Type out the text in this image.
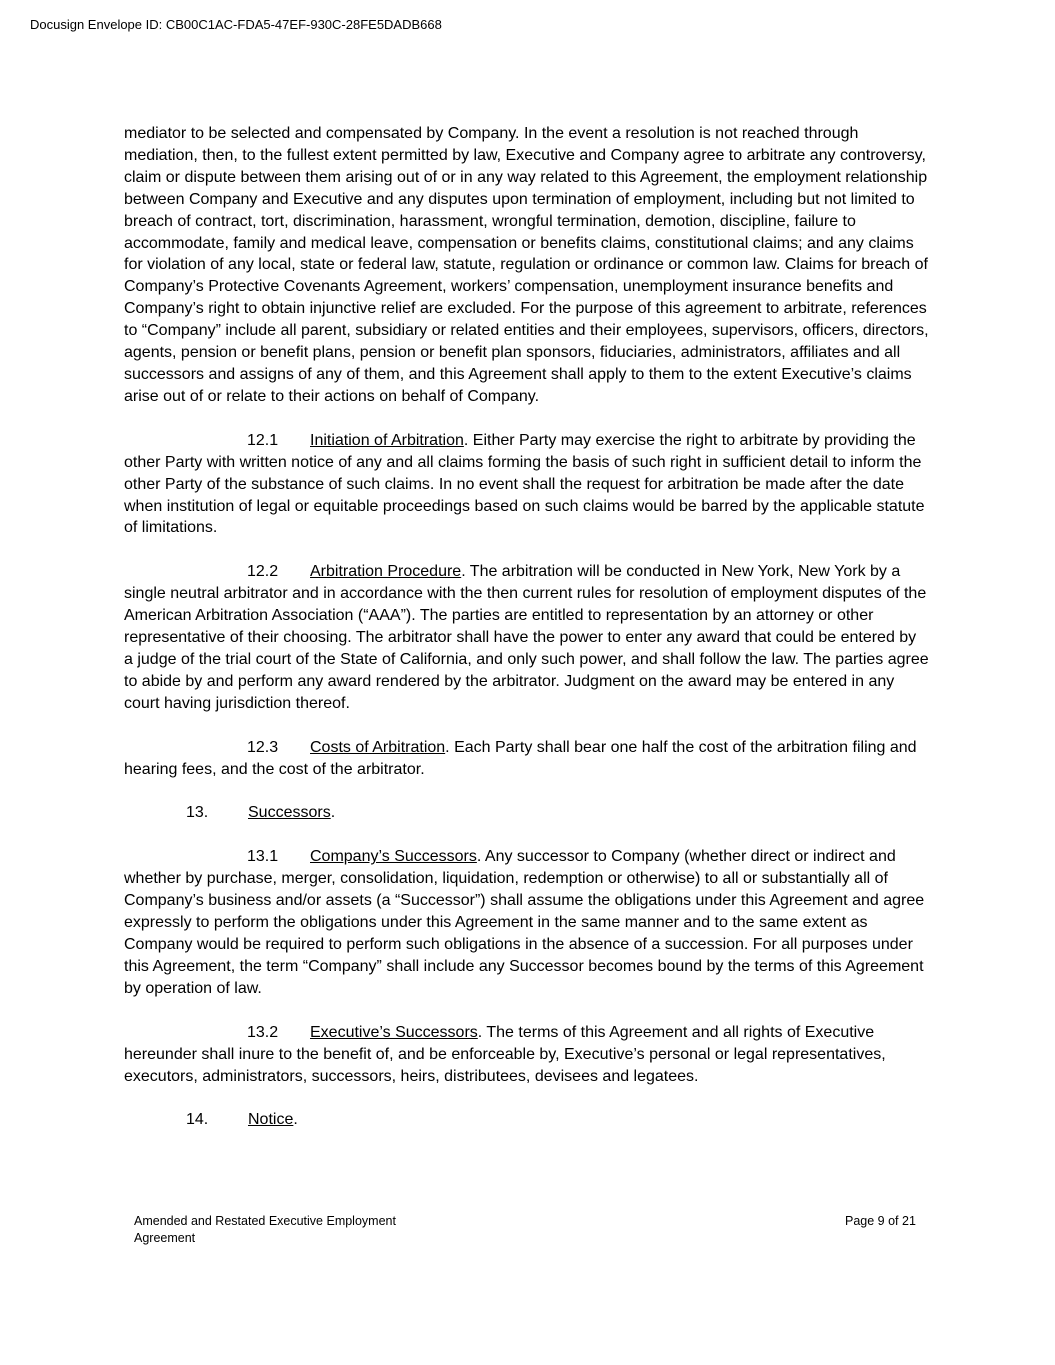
Docusign Envelope ID: CB00C1AC-FDA5-47EF-930C-28FE5DADB668

mediator to be selected and compensated by Company. In the event a resolution is not reached through mediation, then, to the fullest extent permitted by law, Executive and Company agree to arbitrate any controversy, claim or dispute between them arising out of or in any way related to this Agreement, the employment relationship between Company and Executive and any disputes upon termination of employment, including but not limited to breach of contract, tort, discrimination, harassment, wrongful termination, demotion, discipline, failure to accommodate, family and medical leave, compensation or benefits claims, constitutional claims; and any claims for violation of any local, state or federal law, statute, regulation or ordinance or common law. Claims for breach of Company’s Protective Covenants Agreement, workers’ compensation, unemployment insurance benefits and Company’s right to obtain injunctive relief are excluded. For the purpose of this agreement to arbitrate, references to “Company” include all parent, subsidiary or related entities and their employees, supervisors, officers, directors, agents, pension or benefit plans, pension or benefit plan sponsors, fiduciaries, administrators, affiliates and all successors and assigns of any of them, and this Agreement shall apply to them to the extent Executive’s claims arise out of or relate to their actions on behalf of Company.

12.1 Initiation of Arbitration. Either Party may exercise the right to arbitrate by providing the other Party with written notice of any and all claims forming the basis of such right in sufficient detail to inform the other Party of the substance of such claims. In no event shall the request for arbitration be made after the date when institution of legal or equitable proceedings based on such claims would be barred by the applicable statute of limitations.

12.2 Arbitration Procedure. The arbitration will be conducted in New York, New York by a single neutral arbitrator and in accordance with the then current rules for resolution of employment disputes of the American Arbitration Association (“AAA”). The parties are entitled to representation by an attorney or other representative of their choosing. The arbitrator shall have the power to enter any award that could be entered by a judge of the trial court of the State of California, and only such power, and shall follow the law. The parties agree to abide by and perform any award rendered by the arbitrator. Judgment on the award may be entered in any court having jurisdiction thereof.

12.3 Costs of Arbitration. Each Party shall bear one half the cost of the arbitration filing and hearing fees, and the cost of the arbitrator.

13. Successors.

13.1 Company’s Successors. Any successor to Company (whether direct or indirect and whether by purchase, merger, consolidation, liquidation, redemption or otherwise) to all or substantially all of Company’s business and/or assets (a “Successor”) shall assume the obligations under this Agreement and agree expressly to perform the obligations under this Agreement in the same manner and to the same extent as Company would be required to perform such obligations in the absence of a succession. For all purposes under this Agreement, the term “Company” shall include any Successor becomes bound by the terms of this Agreement by operation of law.

13.2 Executive’s Successors. The terms of this Agreement and all rights of Executive hereunder shall inure to the benefit of, and be enforceable by, Executive’s personal or legal representatives, executors, administrators, successors, heirs, distributees, devisees and legatees.

14. Notice.

Amended and Restated Executive Employment Agreement
Page 9 of 21
